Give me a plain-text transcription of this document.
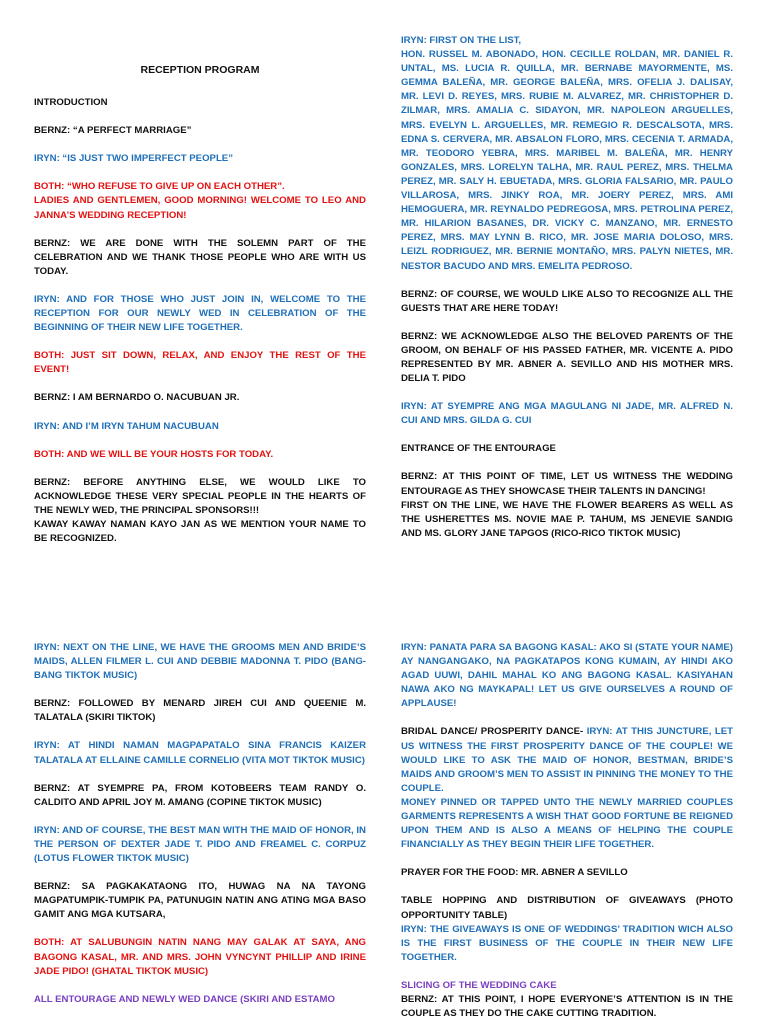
RECEPTION PROGRAM

INTRODUCTION

BERNZ: “A PERFECT MARRIAGE”

IRYN: “IS JUST TWO IMPERFECT PEOPLE”

BOTH: “WHO REFUSE TO GIVE UP ON EACH OTHER”.

LADIES AND GENTLEMEN, GOOD MORNING! WELCOME TO LEO AND JANNA’S WEDDING RECEPTION!

BERNZ: WE ARE DONE WITH THE SOLEMN PART OF THE CELEBRATION AND WE THANK THOSE PEOPLE WHO ARE WITH US TODAY.

IRYN: AND FOR THOSE WHO JUST JOIN IN, WELCOME TO THE RECEPTION FOR OUR NEWLY WED IN CELEBRATION OF THE BEGINNING OF THEIR NEW LIFE TOGETHER.

BOTH: JUST SIT DOWN, RELAX, AND ENJOY THE REST OF THE EVENT!

BERNZ: I AM BERNARDO O. NACUBUAN JR.

IRYN: AND I’M IRYN TAHUM NACUBUAN

BOTH: AND WE WILL BE YOUR HOSTS FOR TODAY.

BERNZ: BEFORE ANYTHING ELSE, WE WOULD LIKE TO ACKNOWLEDGE THESE VERY SPECIAL PEOPLE IN THE HEARTS OF THE NEWLY WED, THE PRINCIPAL SPONSORS!!!

KAWAY KAWAY NAMAN KAYO JAN AS WE MENTION YOUR NAME TO BE RECOGNIZED.

IRYN: FIRST ON THE LIST,

HON. RUSSEL M. ABONADO, HON. CECILLE ROLDAN, MR. DANIEL R. UNTAL, MS. LUCIA R. QUILLA, MR. BERNABE MAYORMENTE, MS. GEMMA BALEÑA, MR. GEORGE BALEÑA, MRS. OFELIA J. DALISAY, MR. LEVI D. REYES, MRS. RUBIE M. ALVAREZ, MR. CHRISTOPHER D. ZILMAR, MRS. AMALIA C. SIDAYON, MR. NAPOLEON ARGUELLES, MRS. EVELYN L. ARGUELLES, MR. REMEGIO R. DESCALSOTA, MRS. EDNA S. CERVERA, MR. ABSALON FLORO, MRS. CECENIA T. ARMADA, MR. TEODORO YEBRA, MRS. MARIBEL M. BALEÑA, MR. HENRY GONZALES, MRS. LORELYN TALHA, MR. RAUL PEREZ, MRS. THELMA PEREZ, MR. SALY H. EBUETADA, MRS. GLORIA FALSARIO, MR. PAULO VILLAROSA, MRS. JINKY ROA, MR. JOERY PEREZ, MRS. AMI HEMOGUERA, MR. REYNALDO PEDREGOSA, MRS. PETROLINA PEREZ, MR. HILARION BASANES, DR. VICKY C. MANZANO, MR. ERNESTO PEREZ, MRS. MAY LYNN B. RICO, MR. JOSE MARIA DOLOSO, MRS. LEIZL RODRIGUEZ, MR. BERNIE MONTAÑO, MRS. PALYN NIETES, MR. NESTOR BACUDO AND MRS. EMELITA PEDROSO.

BERNZ: OF COURSE, WE WOULD LIKE ALSO TO RECOGNIZE ALL THE GUESTS THAT ARE HERE TODAY!

BERNZ: WE ACKNOWLEDGE ALSO THE BELOVED PARENTS OF THE GROOM, ON BEHALF OF HIS PASSED FATHER, MR. VICENTE A. PIDO REPRESENTED BY MR. ABNER A. SEVILLO AND HIS MOTHER MRS. DELIA T. PIDO

IRYN: AT SYEMPRE ANG MGA MAGULANG NI JADE, MR. ALFRED N. CUI AND MRS. GILDA G. CUI

ENTRANCE OF THE ENTOURAGE

BERNZ: AT THIS POINT OF TIME, LET US WITNESS THE WEDDING ENTOURAGE AS THEY SHOWCASE THEIR TALENTS IN DANCING!

FIRST ON THE LINE, WE HAVE THE FLOWER BEARERS AS WELL AS THE USHERETTES MS. NOVIE MAE P. TAHUM, MS JENEVIE SANDIG AND MS. GLORY JANE TAPGOS (RICO-RICO TIKTOK MUSIC)

IRYN: NEXT ON THE LINE, WE HAVE THE GROOMS MEN AND BRIDE’S MAIDS, ALLEN FILMER L. CUI AND DEBBIE MADONNA T. PIDO (BANG-BANG TIKTOK MUSIC)

BERNZ: FOLLOWED BY MENARD JIREH CUI AND QUEENIE M. TALATALA (SKIRI TIKTOK)

IRYN: AT HINDI NAMAN MAGPAPATALO SINA FRANCIS KAIZER TALATALA AT ELLAINE CAMILLE CORNELIO (VITA MOT TIKTOK MUSIC)

BERNZ: AT SYEMPRE PA, FROM KOTOBEERS TEAM RANDY O. CALDITO AND APRIL JOY M. AMANG (COPINE TIKTOK MUSIC)

IRYN: AND OF COURSE, THE BEST MAN WITH THE MAID OF HONOR, IN THE PERSON OF DEXTER JADE T. PIDO AND FREAMEL C. CORPUZ (LOTUS FLOWER TIKTOK MUSIC)

BERNZ: SA PAGKAKATAONG ITO, HUWAG NA NA TAYONG MAGPATUMPIK-TUMPIK PA, PATUNUGIN NATIN ANG ATING MGA BASO GAMIT ANG MGA KUTSARA,

BOTH: AT SALUBUNGIN NATIN NANG MAY GALAK AT SAYA, ANG BAGONG KASAL, MR. AND MRS. JOHN VYNCYNT PHILLIP AND IRINE JADE PIDO! (GHATAL TIKTOK MUSIC)

ALL ENTOURAGE AND NEWLY WED DANCE (SKIRI AND ESTAMO

IRYN: PANATA PARA SA BAGONG KASAL: AKO SI (STATE YOUR NAME) AY NANGANGAKO, NA PAGKATAPOS KONG KUMAIN, AY HINDI AKO AGAD UUWI, DAHIL MAHAL KO ANG BAGONG KASAL. KASIYAHAN NAWA AKO NG MAYKAPAL! LET US GIVE OURSELVES A ROUND OF APPLAUSE!

BRIDAL DANCE/ PROSPERITY DANCE- IRYN: AT THIS JUNCTURE, LET US WITNESS THE FIRST PROSPERITY DANCE OF THE COUPLE! WE WOULD LIKE TO ASK THE MAID OF HONOR, BESTMAN, BRIDE’S MAIDS AND GROOM’S MEN TO ASSIST IN PINNING THE MONEY TO THE COUPLE.

MONEY PINNED OR TAPPED UNTO THE NEWLY MARRIED COUPLES GARMENTS REPRESENTS A WISH THAT GOOD FORTUNE BE REIGNED UPON THEM AND IS ALSO A MEANS OF HELPING THE COUPLE FINANCIALLY AS THEY BEGIN THEIR LIFE TOGETHER.

PRAYER FOR THE FOOD: MR. ABNER A SEVILLO

TABLE HOPPING AND DISTRIBUTION OF GIVEAWAYS (PHOTO OPPORTUNITY TABLE)

IRYN: THE GIVEAWAYS IS ONE OF WEDDINGS’ TRADITION WICH ALSO IS THE FIRST BUSINESS OF THE COUPLE IN THEIR NEW LIFE TOGETHER.

SLICING OF THE WEDDING CAKE

BERNZ: AT THIS POINT, I HOPE EVERYONE’S ATTENTION IS IN THE COUPLE AS THEY DO THE CAKE CUTTING TRADITION.
